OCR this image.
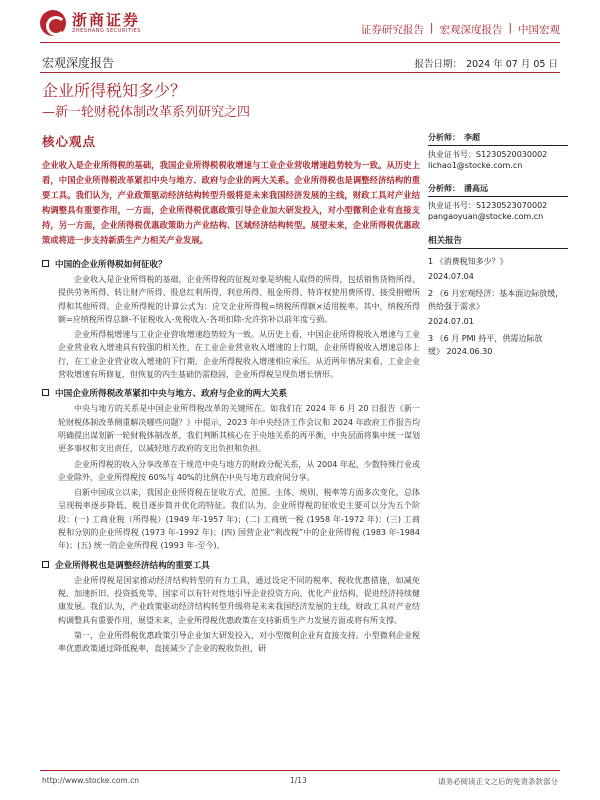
浙商证券
ZHESHANG SECURITIES	证券研究报告 | 宏观深度报告 | 中国宏观
宏观深度报告	报告日期： 2024 年 07 月 05 日
企业所得税知多少？
—新一轮财税体制改革系列研究之四
核心观点
企业收入是企业所得税的基础，我国企业所得税税收增速与工业企业营收增速趋势较为一致。从历史上看，中国企业所得税改革紧扣中央与地方、政府与企业的两大关系。企业所得税也是调整经济结构的重要工具。我们认为，产业政策驱动经济结构转型升级将是未来我国经济发展的主线，财政工具对产业结构调整具有重要作用，一方面，企业所得税优惠政策引导企业加大研发投入，对小型微利企业有直接支持，另一方面，企业所得税优惠政策助力产业结构、区域经济结构转型。展望未来，企业所得税优惠政策或将进一步支持新质生产力相关产业发展。
中国的企业所得税如何征收？

企业收入是企业所得税的基础，企业所得税的征税对象是纳税人取得的所得，包括销售货物所得、提供劳务所得、转让财产所得、股息红利所得、利息所得、租金所得、特许权使用费所得、接受捐赠所得和其他所得。企业所得税的计算公式为：应交企业所得税=纳税所得额×适用税率。其中，纳税所得额=应纳税所得总额-不征税收入-免税收入-各项扣除-允许弥补以前年度亏损。

企业所得税增速与工业企业营收增速趋势较为一致。从历史上看，中国企业所得税收入增速与工业企业营业收入增速具有较强的相关性，在工业企业营业收入增速的上行期，企业所得税收入增速总体上行，在工业企业营业收入增速的下行期，企业所得税收入增速相应承压。从近两年情况来看，工业企业营收增速有所修复，但恢复的内生基础仍需稳固，企业所得税呈现负增长情形。

中国企业所得税改革紧扣中央与地方、政府与企业的两大关系

中央与地方的关系是中国企业所得税改革的关键所在。如我们在 2024 年 6 月 20 日报告《新一轮财税体制改革侧重解决哪些问题？》中提示，2023 年中央经济工作会议和 2024 年政府工作报告均明确提出谋划新一轮财税体制改革，我们判断其核心在于央地关系的再平衡，中央层面将集中统一谋划更多事权和支出责任，以减轻地方政府的支出负担和负担。

企业所得税的收入分享改革在于规范中央与地方的财政分配关系，从 2004 年起，少数特殊行业或企业除外，企业所得税按 60%与 40%的比例在中央与地方政府间分享。

自新中国成立以来，我国企业所得税在征收方式、范围、主体、规则、税率等方面多次变化，总体呈现税率逐步降低、税目逐步简并优化的特征。我们认为，企业所得税的征收史主要可以分为五个阶段：(一) 工商业税（所得税）(1949 年-1957 年)；(二) 工商统一税 (1958 年-1972 年)；(三) 工商税和分别的企业所得税 (1973 年-1992 年)；(四) 国营企业“利改税”中的企业所得税 (1983 年-1984 年)；(五) 统一的企业所得税 (1993 年-至今)。

企业所得税也是调整经济结构的重要工具

企业所得税是国家推动经济结构转型的有力工具，通过设定不同的税率、税收优惠措施，如减免税、加速折旧、投资抵免等，国家可以有针对性地引导企业投资方向、优化产业结构，促进经济持续健康发展。我们认为，产业政策驱动经济结构转型升级将是未来我国经济发展的主线，财政工具对产业结构调整具有重要作用，展望未来，企业所得税优惠政策在支持新质生产力发展方面或将有所支撑。

第一，企业所得税优惠政策引导企业加大研发投入，对小型微利企业有直接支持。小型微利企业税率优惠政策通过降低税率，直接减少了企业的税收负担，研

分析师： 李超
执业证书号：S1230520030002
lichao1@stocke.com.cn
分析师： 潘高远
执业证书号：S1230523070002
pangaoyuan@stocke.com.cn
相关报告
1 《消费税知多少？》
2024.07.04
2 《6 月宏观经济：基本面边际放缓，供给强于需求》
2024.07.01
3 《6 月 PMI 持平，供需边际放缓》 2024.06.30
http://www.stocke.com.cn	1/13	请务必阅读正文之后的免责条款部分
